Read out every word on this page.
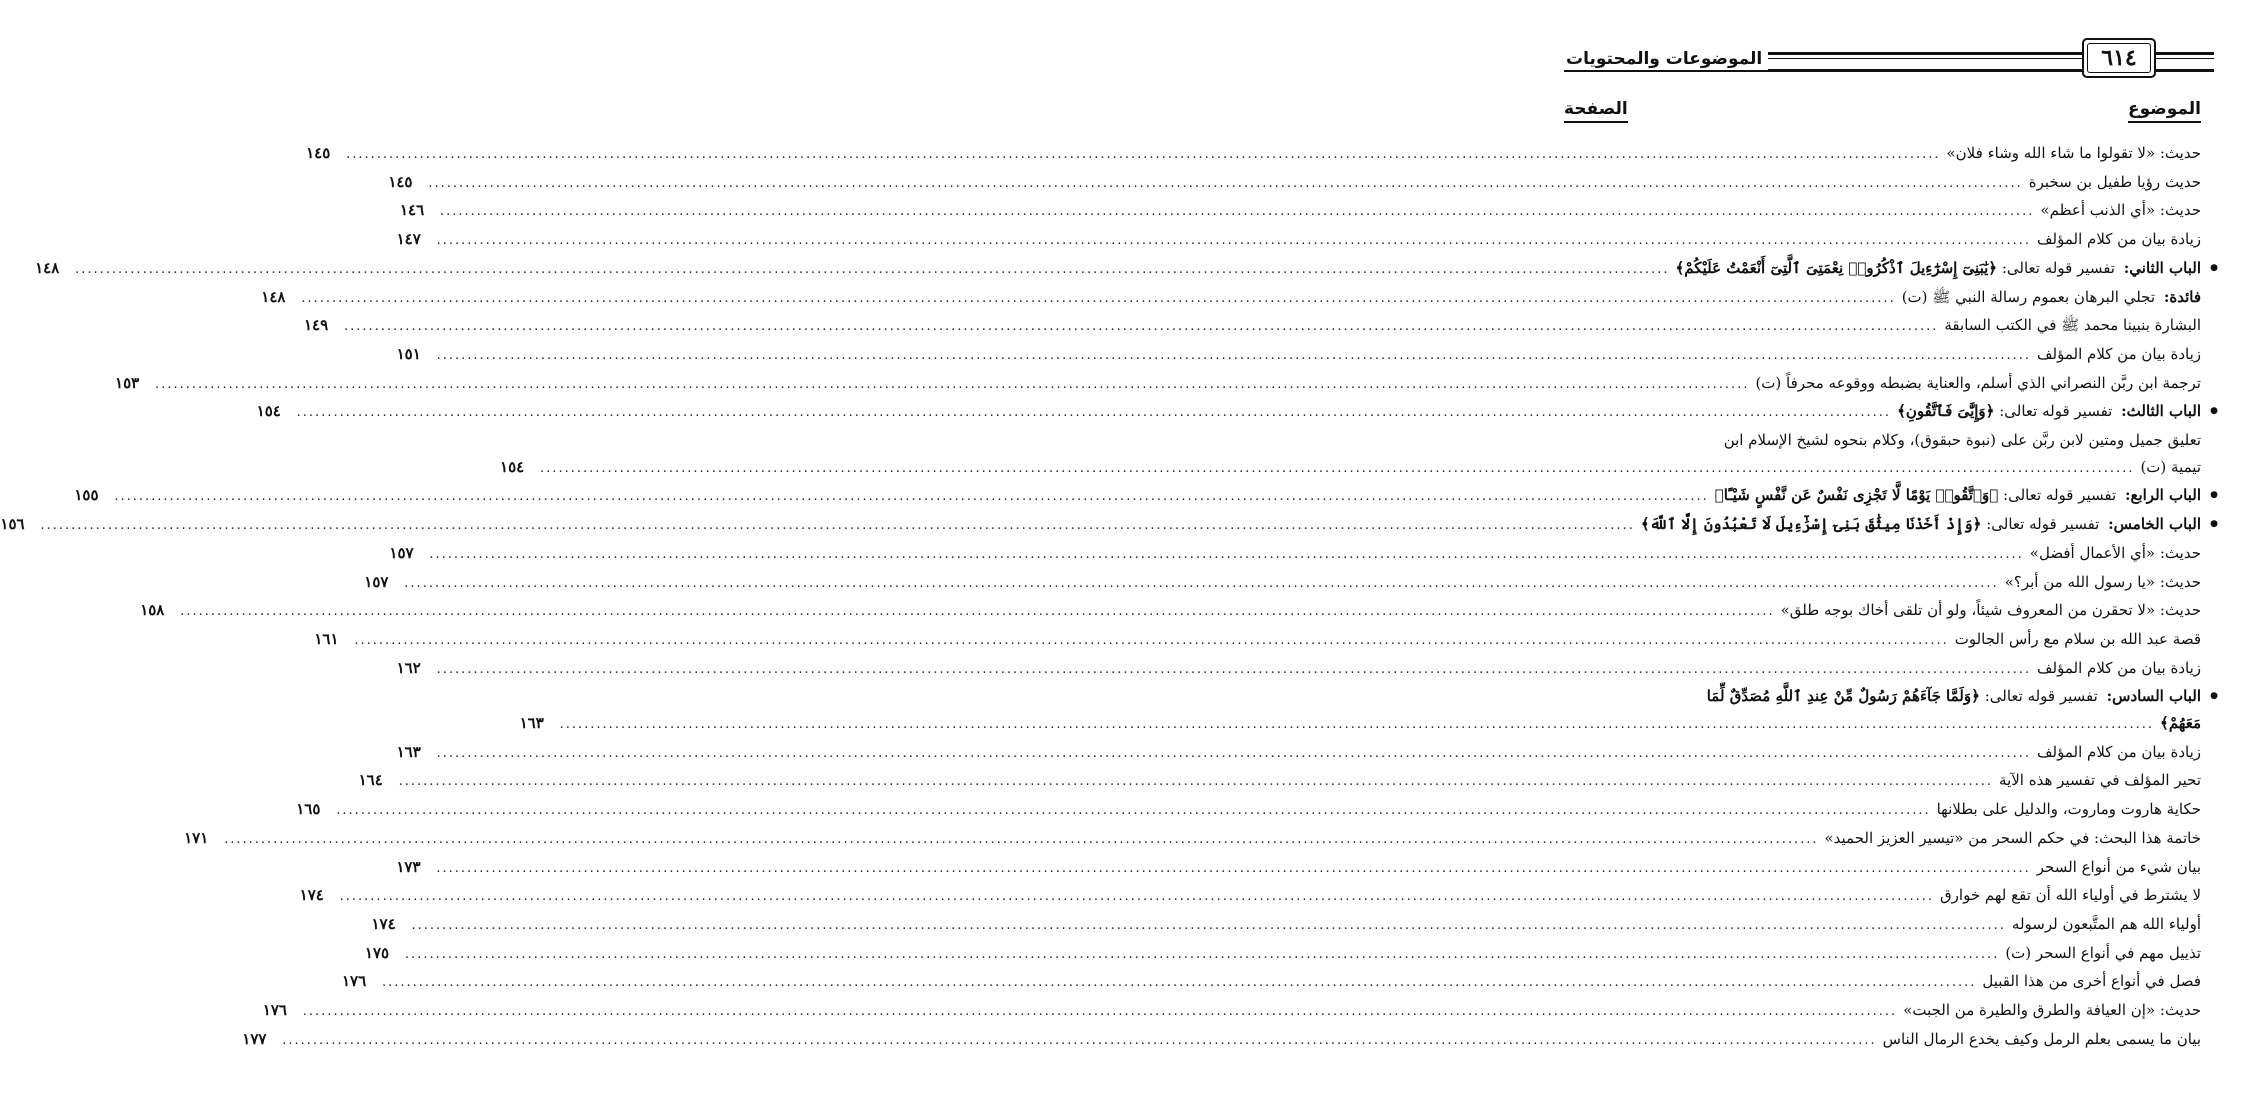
الموضوعات والمحتويات	٦١٤
الموضوع
الصفحة
حديث: «لا تقولوا ما شاء الله وشاء فلان»
.....
١٤٥
حديث رؤيا طفيل بن سخبرة
.....
١٤٥
حديث: «أي الذنب أعظم»
.....
١٤٦
زيادة بيان من كلام المؤلف
.....
١٤٧
● الباب الثاني: تفسير قوله تعالى: ﴿يَٰبَنِىٓ إِسْرَٰٓءِيلَ ٱذْكُرُوا۟ نِعْمَتِىَ ٱلَّتِىٓ أَنْعَمْتُ عَلَيْكُمْ﴾
.....
١٤٨
فائدة: تجلي البرهان بعموم رسالة النبي ﷺ (ت)
.....
١٤٨
البشارة بنبينا محمد ﷺ في الكتب السابقة
.....
١٤٩
زيادة بيان من كلام المؤلف
.....
١٥١
ترجمة ابن ربَّن النصراني الذي أسلم، والعناية بضبطه ووقوعه محرفاً (ت)
.....
١٥٣
● الباب الثالث: تفسير قوله تعالى: ﴿وَإِيَّٰىَ فَٱتَّقُونِ﴾
.....
١٥٤
تعليق جميل ومتين لابن ربَّن على (نبوة حبقوق)، وكلام بنحوه لشيخ الإسلام ابن
تيمية (ت)
.....
١٥٤
● الباب الرابع: تفسير قوله تعالى: ﴿وَٱتَّقُوا۟ يَوْمًا لَّا تَجْزِى نَفْسٌ عَن نَّفْسٍ شَيْـًٔا﴾
.....
١٥٥
● الباب الخامس: تفسير قوله تعالى: ﴿وَإِذْ أَخَذْنَا مِيثَٰقَ بَنِىٓ إِسْرَٰٓءِيلَ لَا تَعْبُدُونَ إِلَّا ٱللَّهَ﴾
.....
١٥٦
حديث: «أي الأعمال أفضل»
.....
١٥٧
حديث: «يا رسول الله من أبر؟»
.....
١٥٧
حديث: «لا تحقرن من المعروف شيئاً، ولو أن تلقى أخاك بوجه طلق»
.....
١٥٨
قصة عبد الله بن سلام مع رأس الجالوت
.....
١٦١
زيادة بيان من كلام المؤلف
.....
١٦٢
● الباب السادس: تفسير قوله تعالى: ﴿وَلَمَّا جَآءَهُمْ رَسُولٌ مِّنْ عِندِ ٱللَّهِ مُصَدِّقٌ لِّمَا
مَعَهُمْ﴾
.....
١٦٣
زيادة بيان من كلام المؤلف
.....
١٦٣
تحير المؤلف في تفسير هذه الآية
.....
١٦٤
حكاية هاروت وماروت، والدليل على بطلانها
.....
١٦٥
خاتمة هذا البحث: في حكم السحر من «تيسير العزيز الحميد»
.....
١٧١
بيان شيء من أنواع السحر
.....
١٧٣
لا يشترط في أولياء الله أن تقع لهم خوارق
.....
١٧٤
أولياء الله هم المتَّبعون لرسوله
.....
١٧٤
تذييل مهم في أنواع السحر (ت)
.....
١٧٥
فصل في أنواع أخرى من هذا القبيل
.....
١٧٦
حديث: «إن العيافة والطرق والطيرة من الجبت»
.....
١٧٦
بيان ما يسمى بعلم الرمل وكيف يخدع الرمال الناس
.....
١٧٧
